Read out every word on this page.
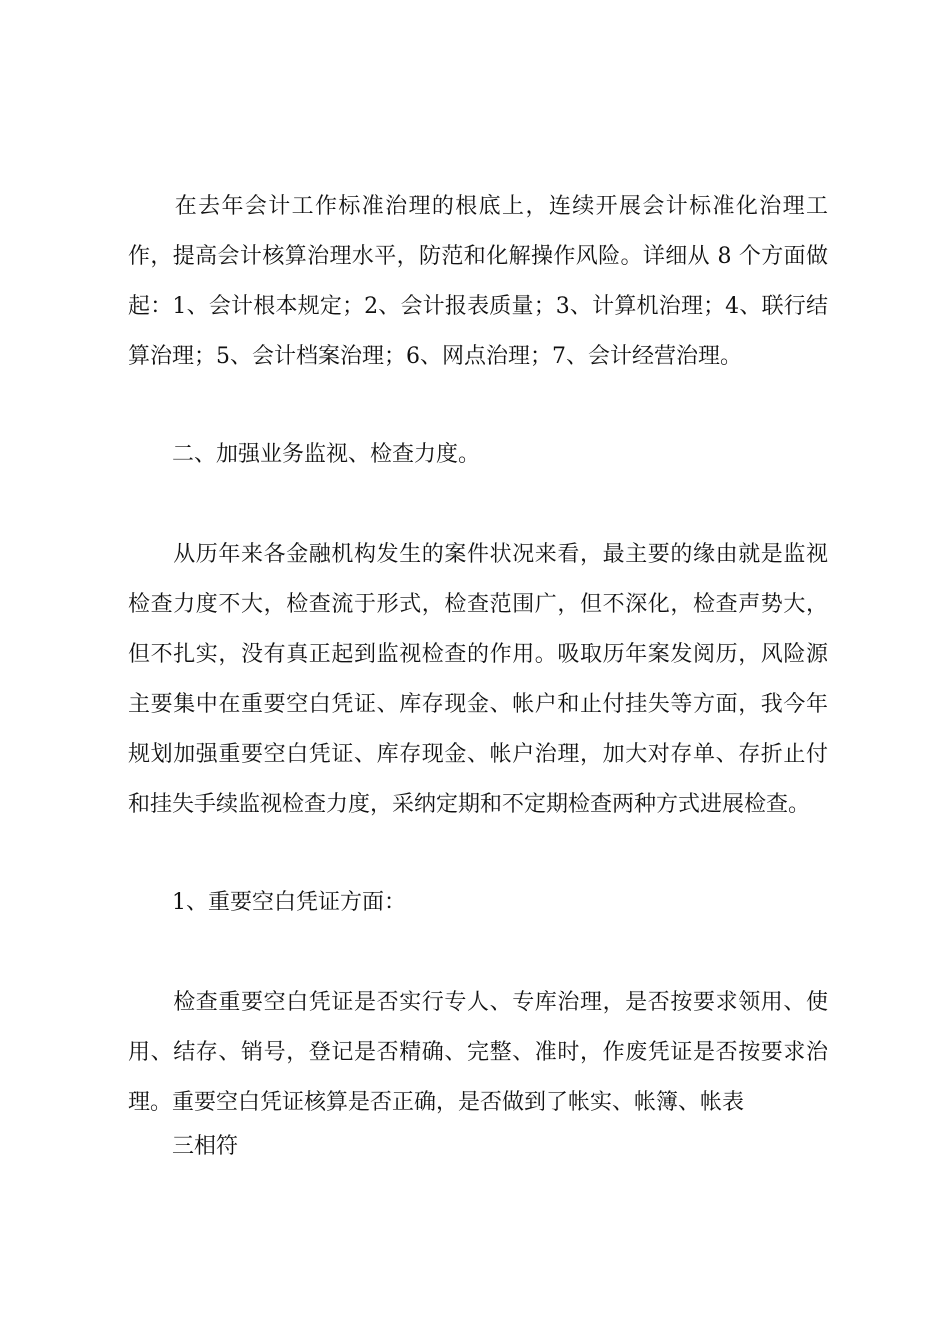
　　在去年会计工作标准治理的根底上，连续开展会计标准化治理工
作，提高会计核算治理水平，防范和化解操作风险。详细从 8 个方面做
起：1、会计根本规定；2、会计报表质量；3、计算机治理；4、联行结
算治理；5、会计档案治理；6、网点治理；7、会计经营治理。
二、加强业务监视、检查力度。
　　从历年来各金融机构发生的案件状况来看，最主要的缘由就是监视
检查力度不大，检查流于形式，检查范围广，但不深化，检查声势大，
但不扎实，没有真正起到监视检查的作用。吸取历年案发阅历，风险源
主要集中在重要空白凭证、库存现金、帐户和止付挂失等方面，我今年
规划加强重要空白凭证、库存现金、帐户治理，加大对存单、存折止付
和挂失手续监视检查力度，采纳定期和不定期检查两种方式进展检查。
1、重要空白凭证方面：
　　检查重要空白凭证是否实行专人、专库治理，是否按要求领用、使
用、结存、销号，登记是否精确、完整、准时，作废凭证是否按要求治
理。重要空白凭证核算是否正确，是否做到了帐实、帐簿、帐表
三相符
